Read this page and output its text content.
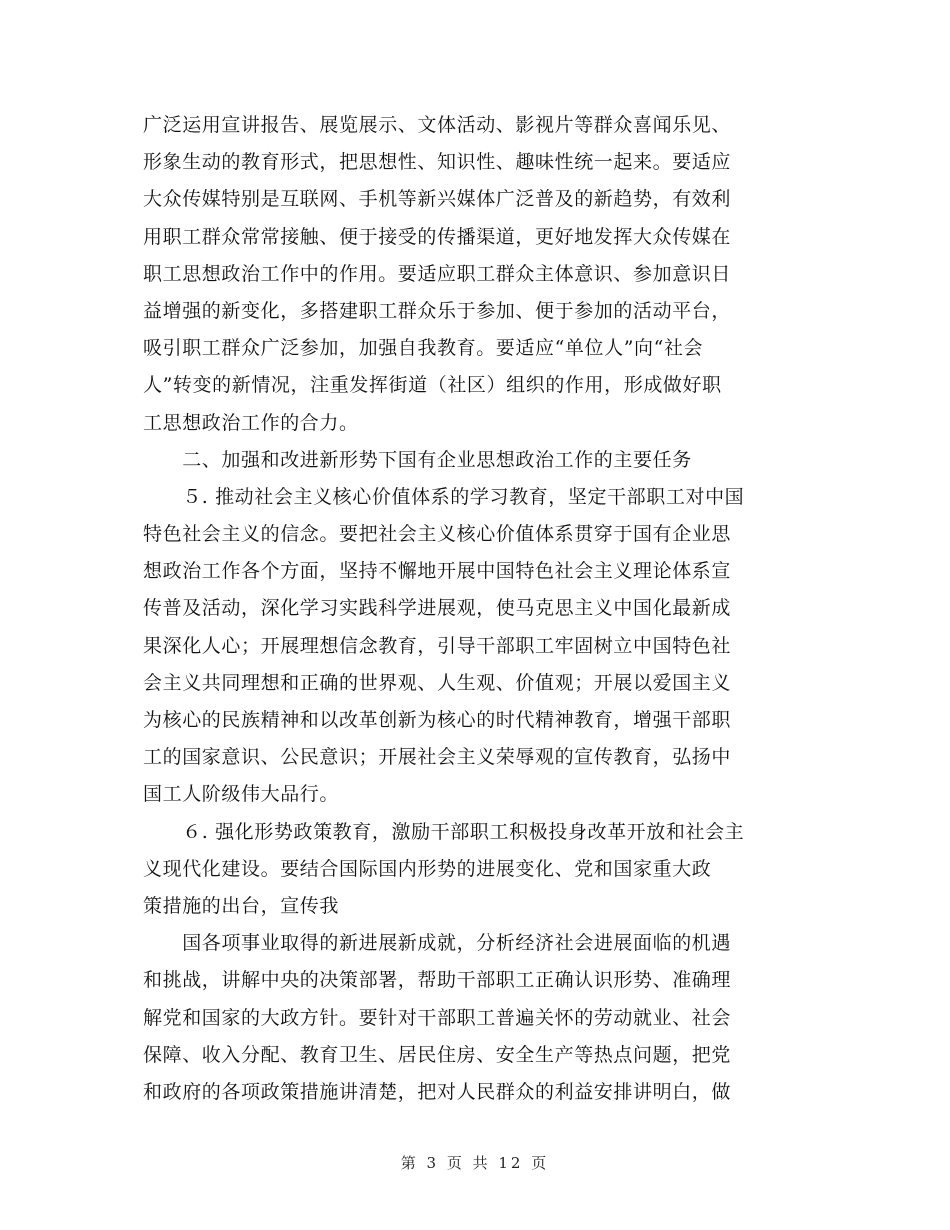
广泛运用宣讲报告、展览展示、文体活动、影视片等群众喜闻乐见、
形象生动的教育形式，把思想性、知识性、趣味性统一起来。要适应
大众传媒特别是互联网、手机等新兴媒体广泛普及的新趋势，有效利
用职工群众常常接触、便于接受的传播渠道，更好地发挥大众传媒在
职工思想政治工作中的作用。要适应职工群众主体意识、参加意识日
益增强的新变化，多搭建职工群众乐于参加、便于参加的活动平台，
吸引职工群众广泛参加，加强自我教育。要适应“单位人”向“社会
人”转变的新情况，注重发挥街道（社区）组织的作用，形成做好职
工思想政治工作的合力。
　　二、加强和改进新形势下国有企业思想政治工作的主要任务
　　５. 推动社会主义核心价值体系的学习教育，坚定干部职工对中国
特色社会主义的信念。要把社会主义核心价值体系贯穿于国有企业思
想政治工作各个方面，坚持不懈地开展中国特色社会主义理论体系宣
传普及活动，深化学习实践科学进展观，使马克思主义中国化最新成
果深化人心；开展理想信念教育，引导干部职工牢固树立中国特色社
会主义共同理想和正确的世界观、人生观、价值观；开展以爱国主义
为核心的民族精神和以改革创新为核心的时代精神教育，增强干部职
工的国家意识、公民意识；开展社会主义荣辱观的宣传教育，弘扬中
国工人阶级伟大品行。
　　６. 强化形势政策教育，激励干部职工积极投身改革开放和社会主
义现代化建设。要结合国际国内形势的进展变化、党和国家重大政
策措施的出台，宣传我
　　国各项事业取得的新进展新成就，分析经济社会进展面临的机遇
和挑战，讲解中央的决策部署，帮助干部职工正确认识形势、准确理
解党和国家的大政方针。要针对干部职工普遍关怀的劳动就业、社会
保障、收入分配、教育卫生、居民住房、安全生产等热点问题，把党
和政府的各项政策措施讲清楚，把对人民群众的利益安排讲明白，做
第 3 页 共 12 页
